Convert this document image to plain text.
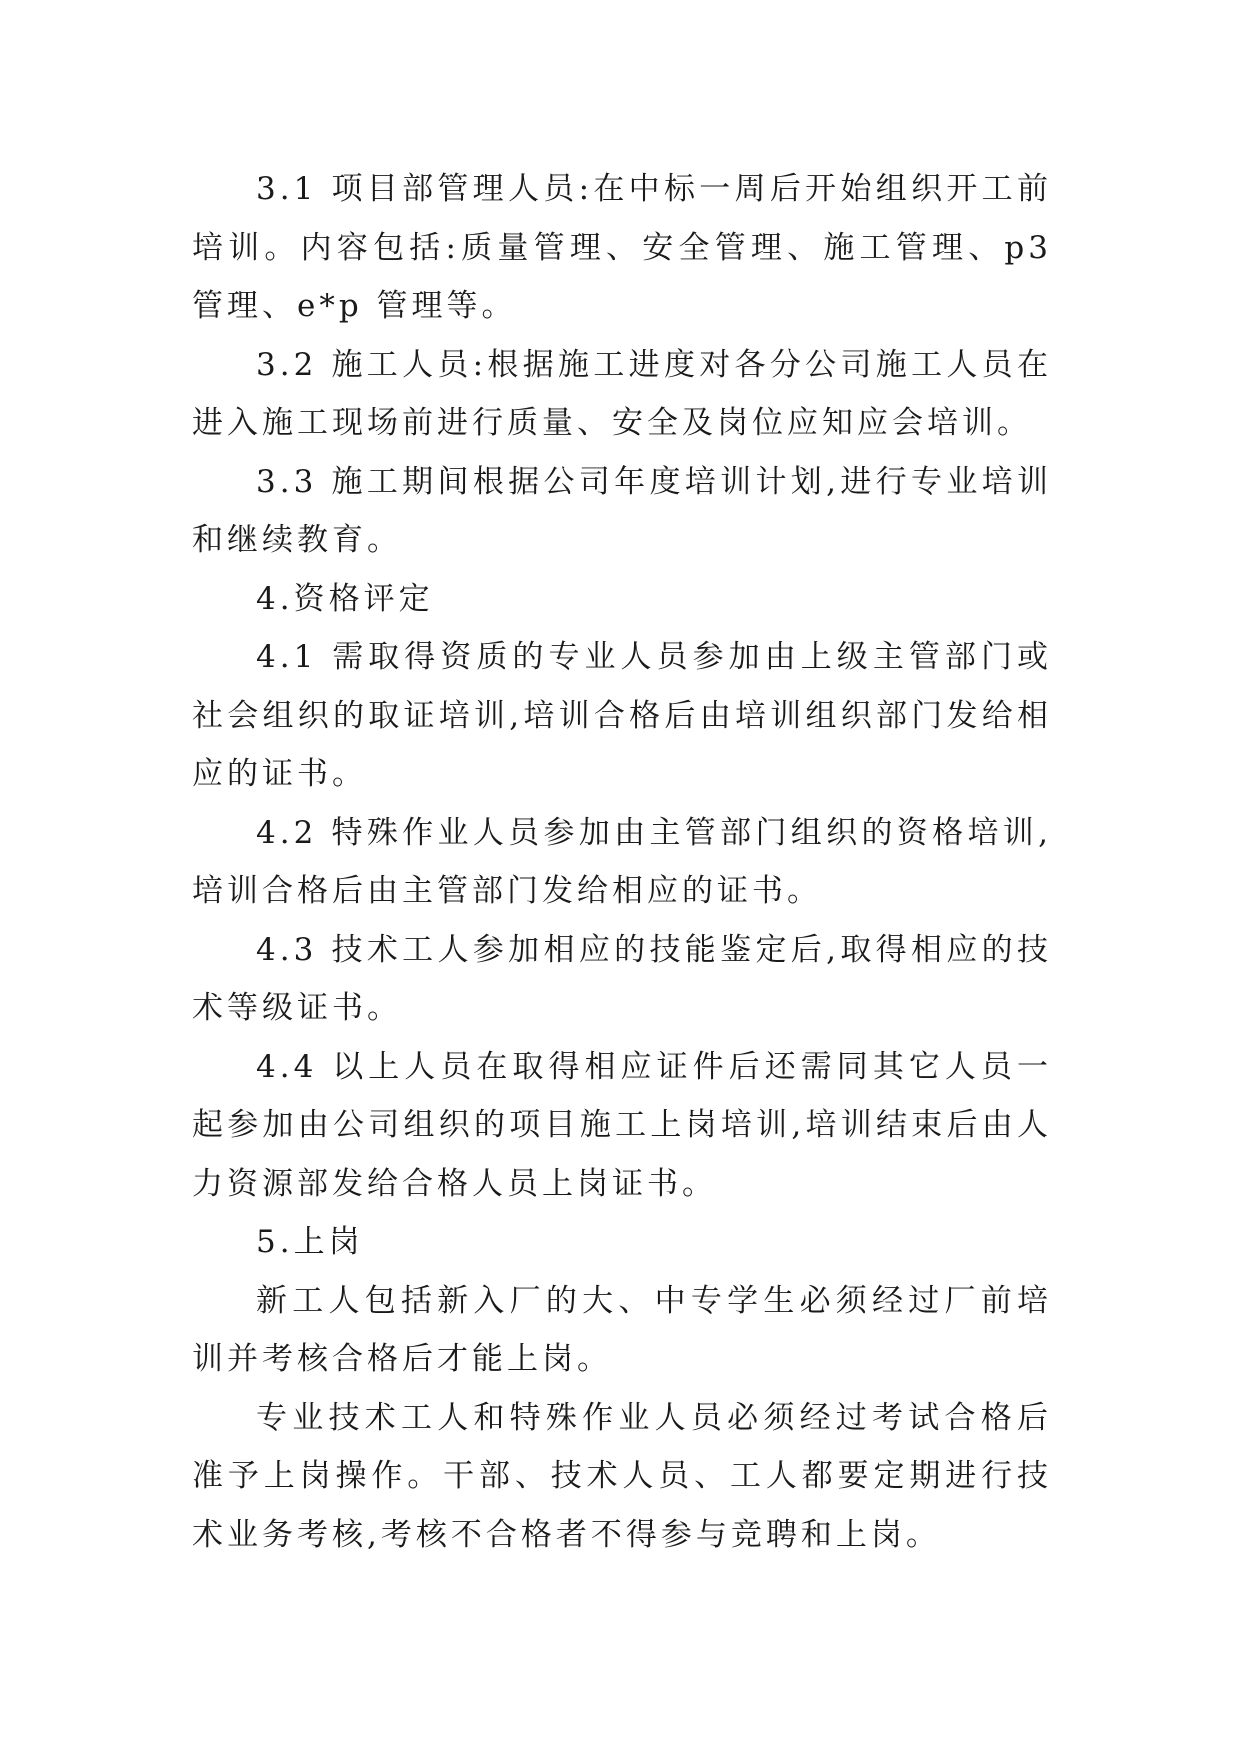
3.1 项目部管理人员:在中标一周后开始组织开工前培训。内容包括:质量管理、安全管理、施工管理、p3 管理、e*p 管理等。

3.2 施工人员:根据施工进度对各分公司施工人员在进入施工现场前进行质量、安全及岗位应知应会培训。

3.3 施工期间根据公司年度培训计划,进行专业培训和继续教育。

4.资格评定

4.1 需取得资质的专业人员参加由上级主管部门或社会组织的取证培训,培训合格后由培训组织部门发给相应的证书。

4.2 特殊作业人员参加由主管部门组织的资格培训,培训合格后由主管部门发给相应的证书。

4.3 技术工人参加相应的技能鉴定后,取得相应的技术等级证书。

4.4 以上人员在取得相应证件后还需同其它人员一起参加由公司组织的项目施工上岗培训,培训结束后由人力资源部发给合格人员上岗证书。

5.上岗

新工人包括新入厂的大、中专学生必须经过厂前培训并考核合格后才能上岗。

专业技术工人和特殊作业人员必须经过考试合格后准予上岗操作。干部、技术人员、工人都要定期进行技术业务考核,考核不合格者不得参与竞聘和上岗。
